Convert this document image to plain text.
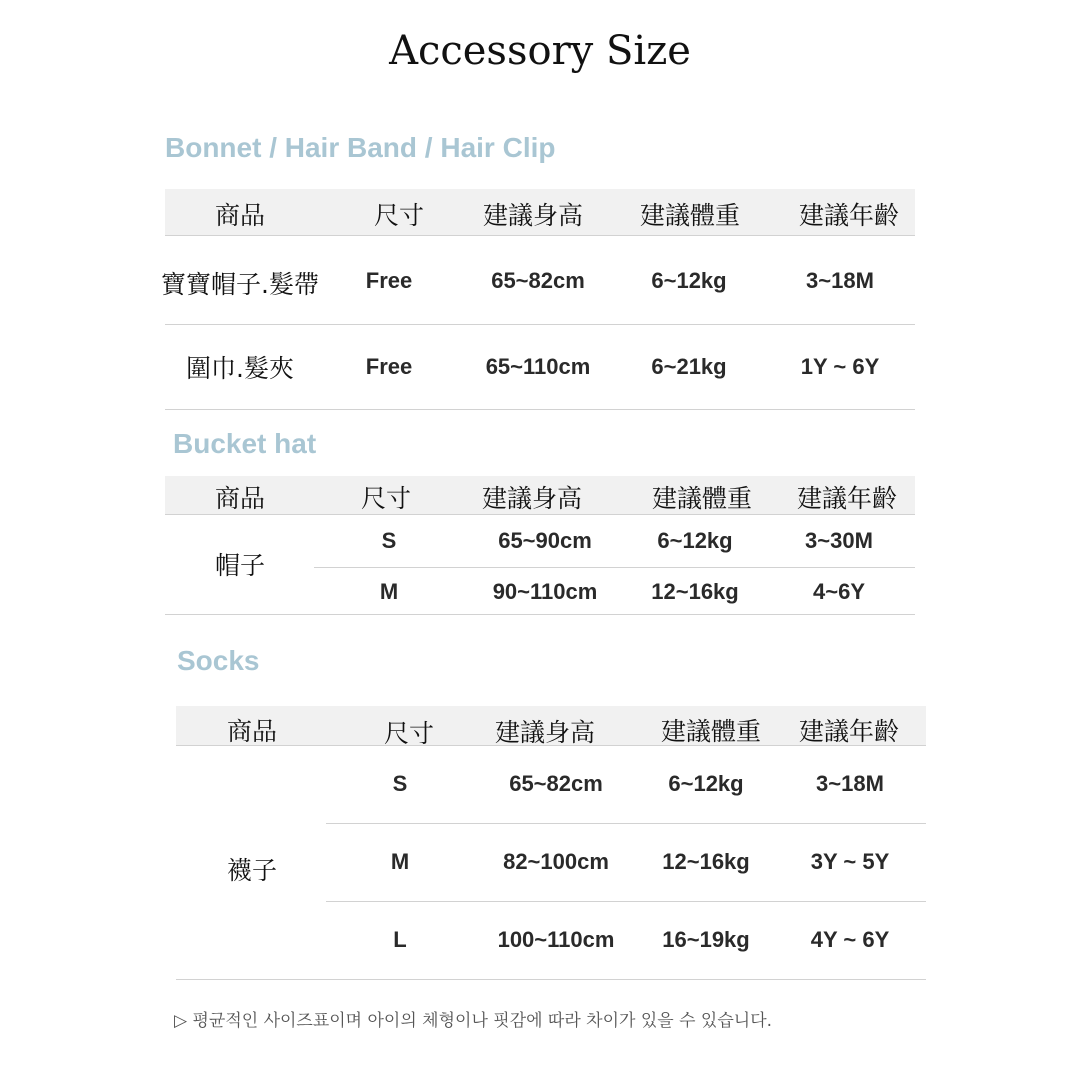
Accessory Size
Bonnet / Hair Band / Hair Clip
商品	尺寸 建議身高 建議體重 建議年齡
寶寶帽子.髮帶 Free	65~82cm	6~12kg	3~18M
圍巾.髮夾	Free	65~110cm	6~21kg	1Y ~ 6Y
Bucket hat
商品	尺寸	建議身高	建議體重 建議年齡
帽子
S	65~90cm	6~12kg	3~30M
M	90~110cm 12~16kg	4~6Y
Socks
商品	尺寸 建議身高	建議體重 建議年齡
襪子
S	65~82cm	6~12kg	3~18M
M	82~100cm 12~16kg	3Y ~ 5Y
L	100~110cm 16~19kg	4Y ~ 6Y
▷ 평균적인 사이즈표이며 아이의 체형이나 핏감에 따라 차이가 있을 수 있습니다.
